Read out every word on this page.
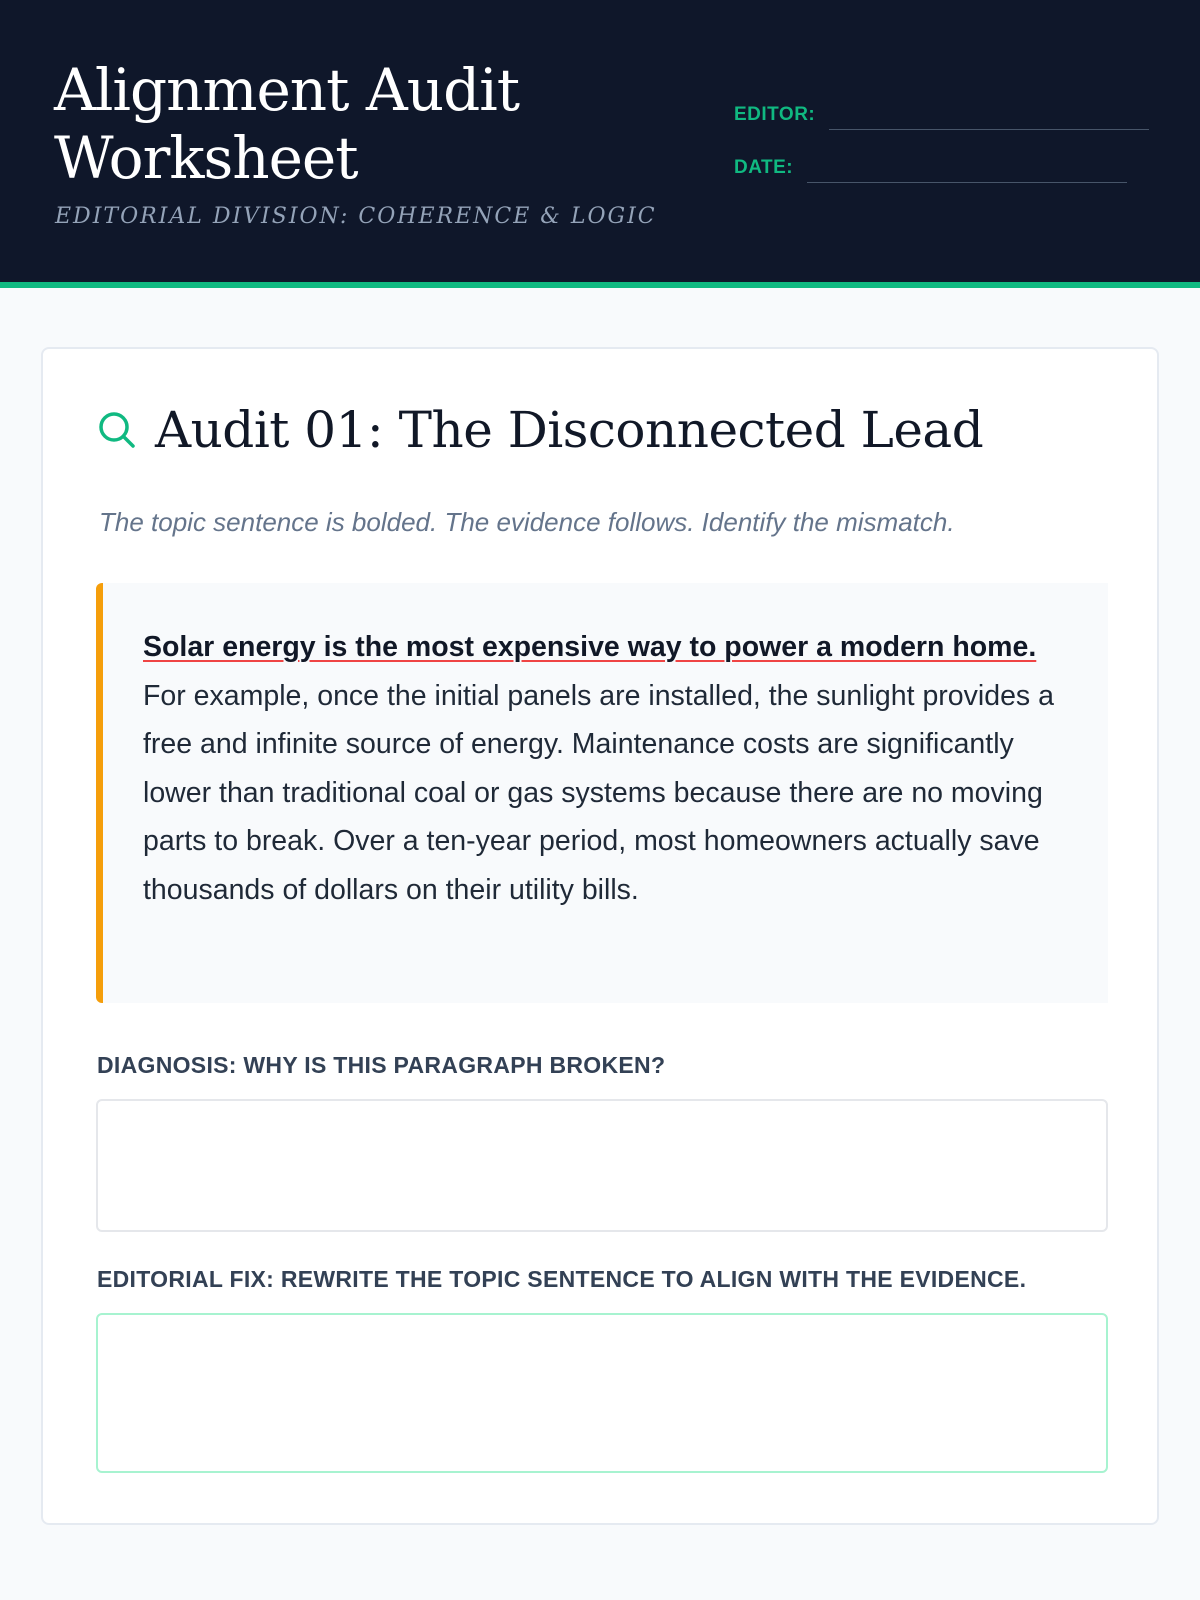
Alignment Audit Worksheet
EDITORIAL DIVISION: COHERENCE & LOGIC
EDITOR:
DATE:
Audit 01: The Disconnected Lead
The topic sentence is bolded. The evidence follows. Identify the mismatch.
Solar energy is the most expensive way to power a modern home. For example, once the initial panels are installed, the sunlight provides a free and infinite source of energy. Maintenance costs are significantly lower than traditional coal or gas systems because there are no moving parts to break. Over a ten-year period, most homeowners actually save thousands of dollars on their utility bills.
DIAGNOSIS: WHY IS THIS PARAGRAPH BROKEN?
EDITORIAL FIX: REWRITE THE TOPIC SENTENCE TO ALIGN WITH THE EVIDENCE.
